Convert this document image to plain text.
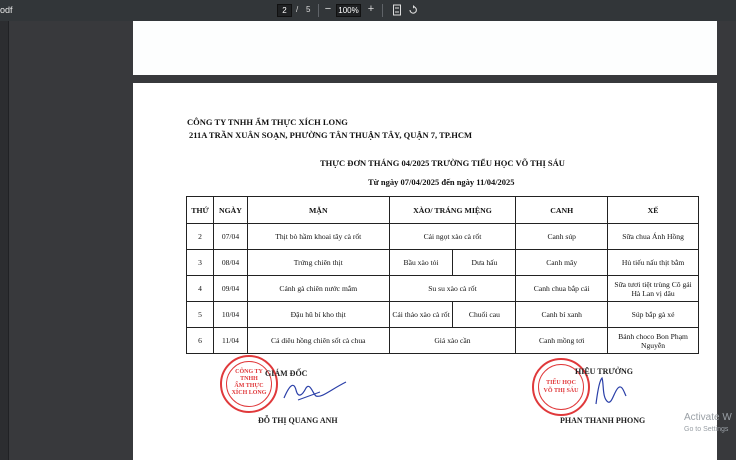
odf	2	/ 5 − 100% +
CÔNG TY TNHH ẨM THỰC XÍCH LONG
211A TRẦN XUÂN SOẠN, PHƯỜNG TÂN THUẬN TÂY, QUẬN 7, TP.HCM
THỰC ĐƠN THÁNG 04/2025 TRƯỜNG TIỂU HỌC VÕ THỊ SÁU
Từ ngày 07/04/2025 đến ngày 11/04/2025
THỨ	NGÀY	MẶN	XÀO/ TRÁNG MIỆNG		CANH	XẾ
2	07/04	Thịt bò hầm khoai tây cà rốt	Cải ngọt xào cà rốt		Canh súp	Sữa chua Ánh Hồng
3	08/04	Trứng chiên thịt	Bầu xào tỏi	Dưa hấu	Canh mây	Hủ tiếu nấu thịt bằm
4	09/04	Cánh gà chiên nước mắm	Su su xào cà rốt		Canh chua bắp cải	Sữa tươi tiệt trùng Cô gái Hà Lan vị dâu
5	10/04	Đậu hũ bí kho thịt	Cải thảo xào cà rốt	Chuối cau	Canh bí xanh	Súp bắp gà xé
6	11/04	Cá diêu hồng chiên sốt cà chua	Giá xào cần		Canh mồng tơi	Bánh choco Bon Phạm Nguyễn
CÔNG TY
TNHH
ẨM THỰC
XÍCH LONG
GIÁM ĐỐC
ĐỖ THỊ QUANG ANH
TIỂU HỌC
VÕ THỊ SÁU
HIỆU TRƯỞNG
PHAN THANH PHONG	Activate W
Go to Settings
